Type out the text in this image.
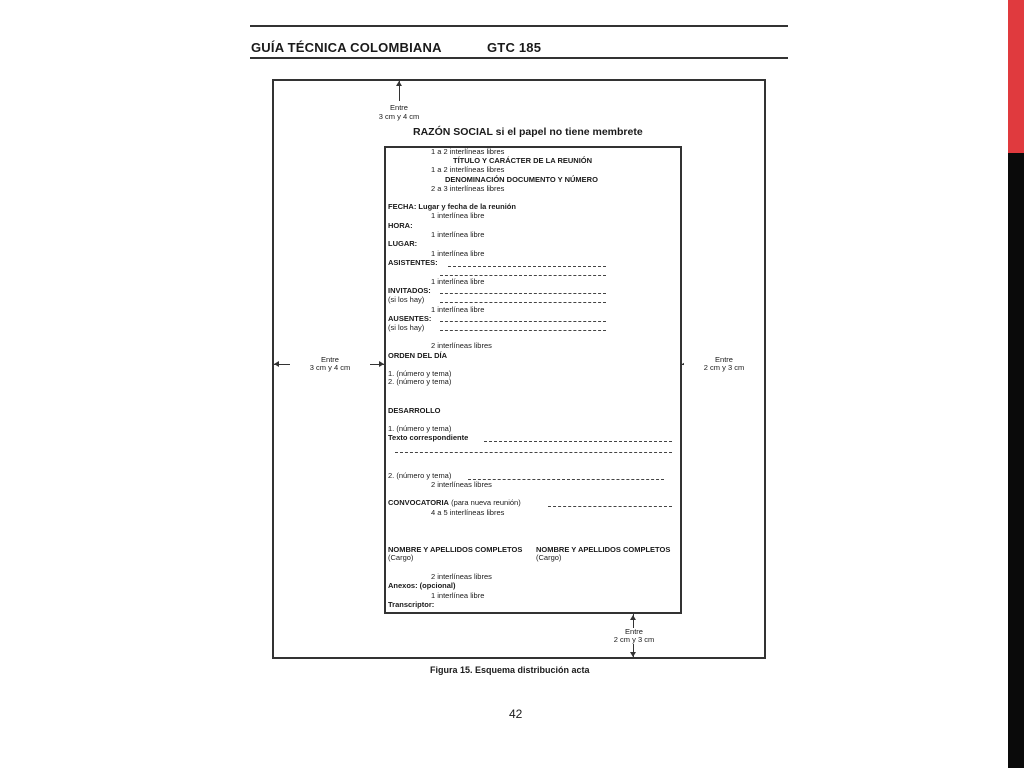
GUÍA TÉCNICA COLOMBIANA	GTC 185
Entre
3 cm y 4 cm
RAZÓN SOCIAL si el papel no tiene membrete
Entre
3 cm y 4 cm
Entre
2 cm y 3 cm
Entre
2 cm y 3 cm
1 a 2 interlíneas libres
TÍTULO Y CARÁCTER DE LA REUNIÓN
1 a 2 interlíneas libres
DENOMINACIÓN DOCUMENTO Y NÚMERO
2 a 3 interlíneas libres
FECHA: Lugar y fecha de la reunión
1 interlínea libre
HORA:
1 interlínea libre
LUGAR:
1 interlínea libre
ASISTENTES:
1 interlínea libre
INVITADOS:
(si los hay)
1 interlínea libre
AUSENTES:
(si los hay)
2 interlíneas libres
ORDEN DEL DÍA
1. (número y tema)
2. (número y tema)
DESARROLLO
1. (número y tema)
Texto correspondiente
2. (número y tema)
2 interlíneas libres
CONVOCATORIA (para nueva reunión)
4 a 5 interlíneas libres
NOMBRE Y APELLIDOS COMPLETOS NOMBRE Y APELLIDOS COMPLETOS
(Cargo)	(Cargo)
2 interlíneas libres
Anexos: (opcional)
1 interlínea libre
Transcriptor:
Figura 15. Esquema distribución acta
42
